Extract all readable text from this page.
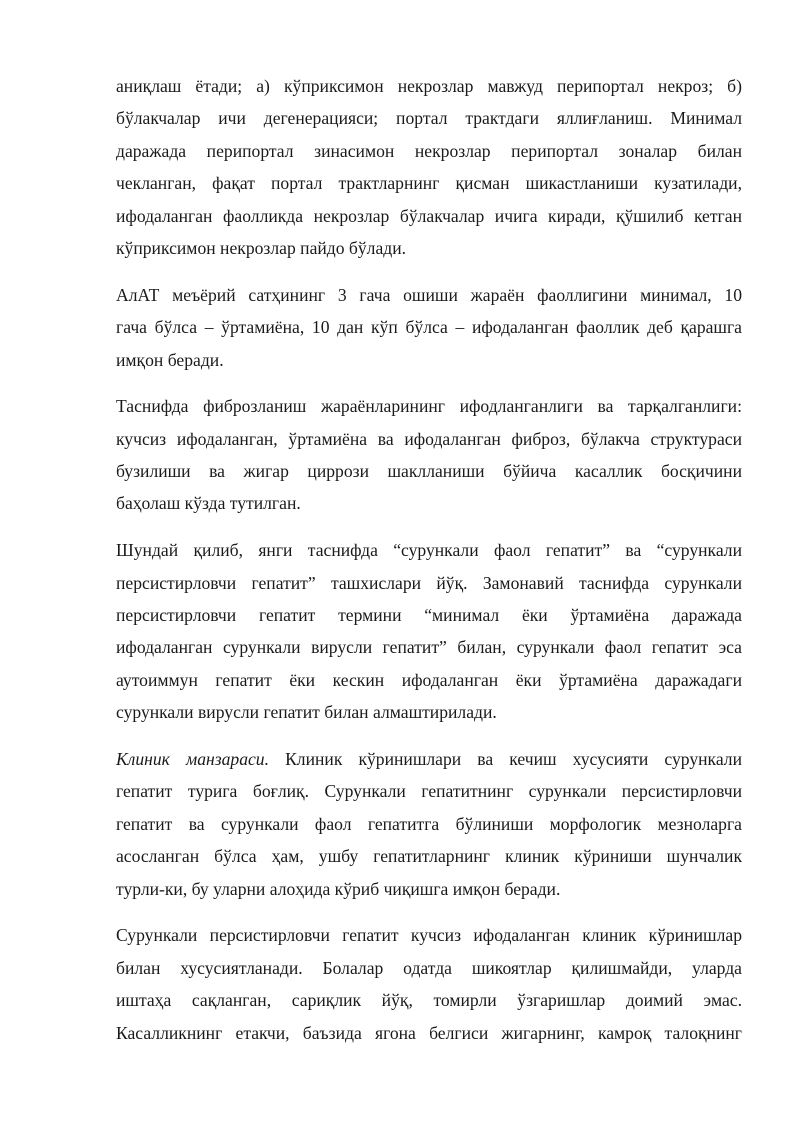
аниқлаш ётади; а) кўприксимон некрозлар мавжуд перипортал некроз; б)
бўлакчалар ичи дегенерацияси; портал трактдаги яллиғланиш. Минимал
даражада перипортал зинасимон некрозлар перипортал зоналар билан
чекланган, фақат портал трактларнинг қисман шикастланиши кузатилади,
ифодаланган фаолликда некрозлар бўлакчалар ичига киради, қўшилиб кетган
кўприксимон некрозлар пайдо бўлади.
АлАТ меъёрий сатҳининг 3 гача ошиши жараён фаоллигини минимал, 10
гача бўлса – ўртамиёна, 10 дан кўп бўлса – ифодаланган фаоллик деб қарашга
имқон беради.
Таснифда фиброзланиш жараёнларининг ифодланганлиги ва тарқалганлиги:
кучсиз ифодаланган, ўртамиёна ва ифодаланган фиброз, бўлакча структураси
бузилиши ва жигар циррози шаклланиши бўйича касаллик босқичини
баҳолаш кўзда тутилган.
Шундай қилиб, янги таснифда “сурункали фаол гепатит” ва “сурункали
персистирловчи гепатит” ташхислари йўқ. Замонавий таснифда сурункали
персистирловчи гепатит термини “минимал ёки ўртамиёна даражада
ифодаланган сурункали вирусли гепатит” билан, сурункали фаол гепатит эса
аутоиммун гепатит ёки кескин ифодаланган ёки ўртамиёна даражадаги
сурункали вирусли гепатит билан алмаштирилади.
Клиник манзараси. Клиник кўринишлари ва кечиш хусусияти сурункали
гепатит турига боғлиқ. Сурункали гепатитнинг сурункали персистирловчи
гепатит ва сурункали фаол гепатитга бўлиниши морфологик мезноларга
асосланган бўлса ҳам, ушбу гепатитларнинг клиник кўриниши шунчалик
турли-ки, бу уларни алоҳида кўриб чиқишга имқон беради.
Сурункали персистирловчи гепатит кучсиз ифодаланган клиник кўринишлар
билан хусусиятланади. Болалар одатда шикоятлар қилишмайди, уларда
иштаҳа сақланган, сариқлик йўқ, томирли ўзгаришлар доимий эмас.
Касалликнинг етакчи, баъзида ягона белгиси жигарнинг, камроқ талоқнинг
